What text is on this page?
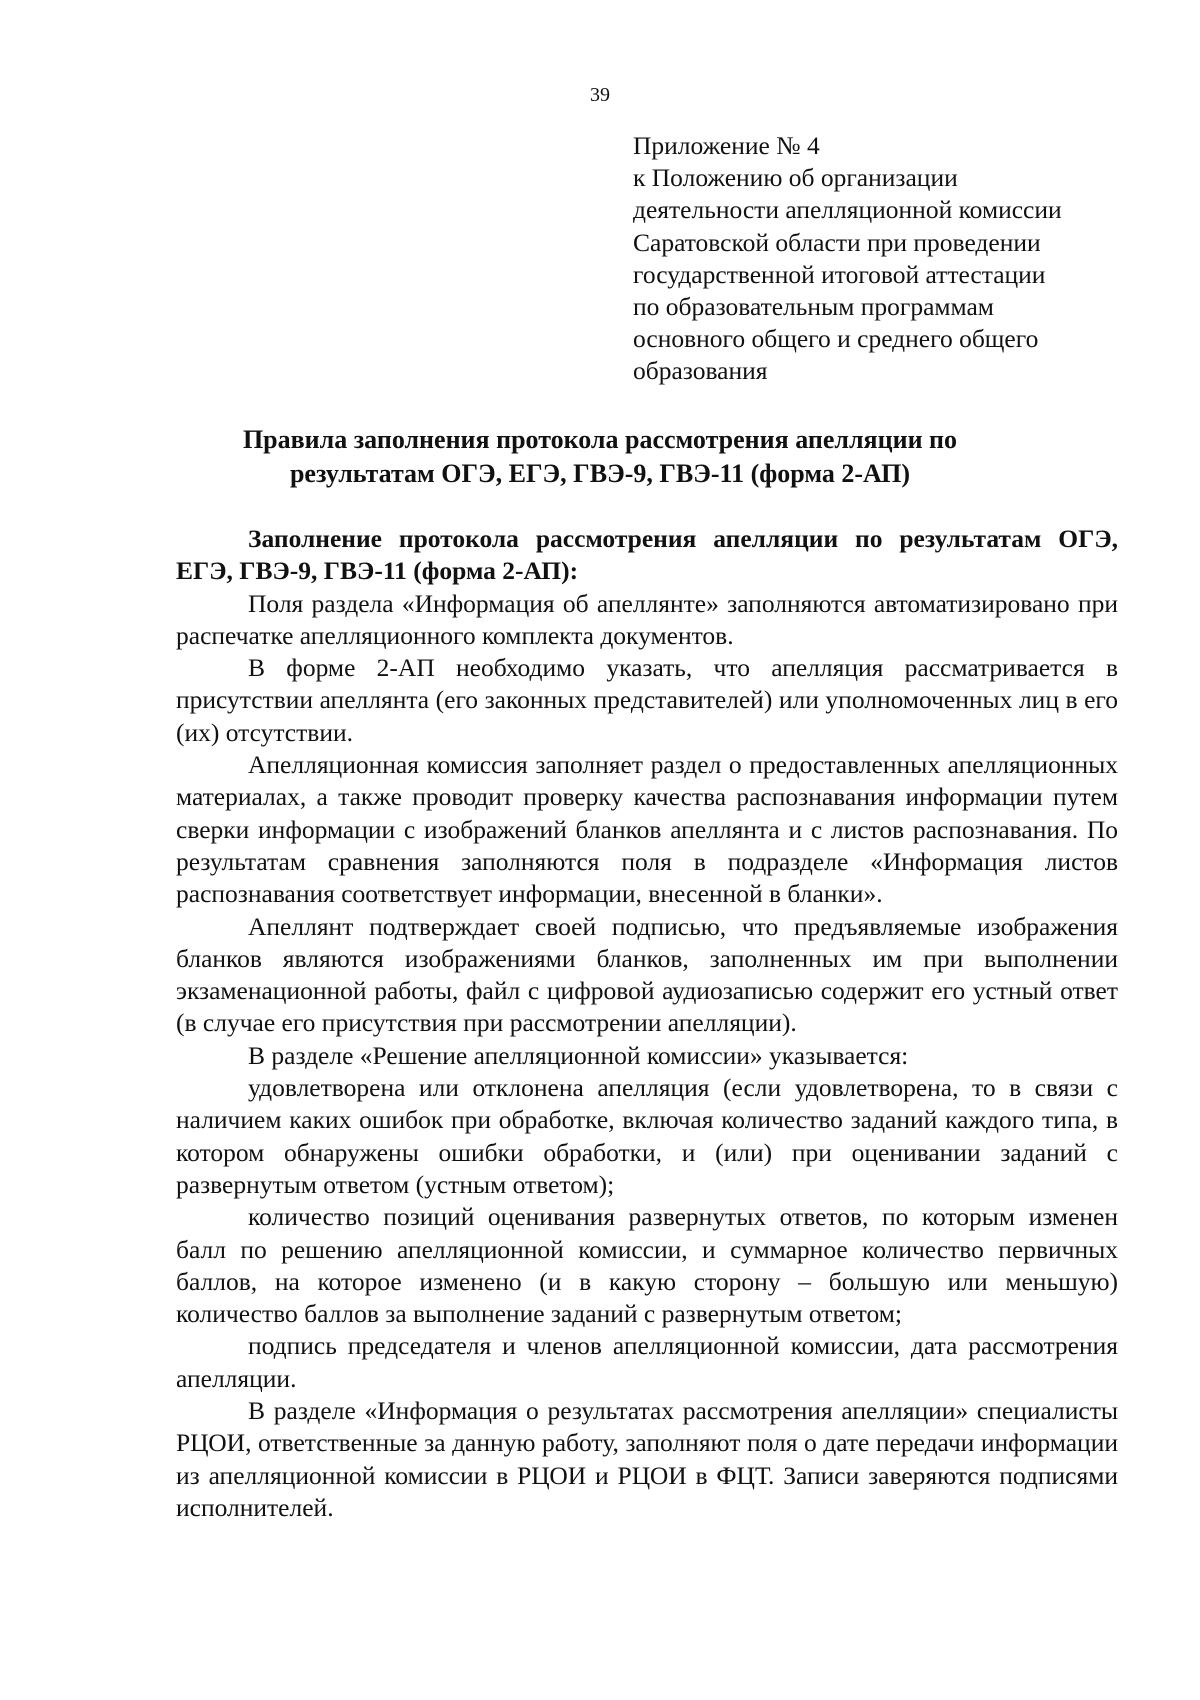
39
Приложение № 4
к Положению об организации
деятельности апелляционной комиссии
Саратовской области при проведении
государственной итоговой аттестации
по образовательным программам
основного общего и среднего общего
образования
Правила заполнения протокола рассмотрения апелляции по
результатам ОГЭ, ЕГЭ, ГВЭ-9, ГВЭ-11 (форма 2-АП)

Заполнение протокола рассмотрения апелляции по результатам ОГЭ, ЕГЭ, ГВЭ-9, ГВЭ-11 (форма 2-АП):

Поля раздела «Информация об апеллянте» заполняются автоматизировано при распечатке апелляционного комплекта документов.

В форме 2-АП необходимо указать, что апелляция рассматривается в присутствии апеллянта (его законных представителей) или уполномоченных лиц в его (их) отсутствии.

Апелляционная комиссия заполняет раздел о предоставленных апелляционных материалах, а также проводит проверку качества распознавания информации путем сверки информации с изображений бланков апеллянта и с листов распознавания. По результатам сравнения заполняются поля в подразделе «Информация листов распознавания соответствует информации, внесенной в бланки».

Апеллянт подтверждает своей подписью, что предъявляемые изображения бланков являются изображениями бланков, заполненных им при выполнении экзаменационной работы, файл с цифровой аудиозаписью содержит его устный ответ (в случае его присутствия при рассмотрении апелляции).

В разделе «Решение апелляционной комиссии» указывается:

удовлетворена или отклонена апелляция (если удовлетворена, то в связи с наличием каких ошибок при обработке, включая количество заданий каждого типа, в котором обнаружены ошибки обработки, и (или) при оценивании заданий с развернутым ответом (устным ответом);

количество позиций оценивания развернутых ответов, по которым изменен балл по решению апелляционной комиссии, и суммарное количество первичных баллов, на которое изменено (и в какую сторону – большую или меньшую) количество баллов за выполнение заданий с развернутым ответом;

подпись председателя и членов апелляционной комиссии, дата рассмотрения апелляции.

В разделе «Информация о результатах рассмотрения апелляции» специалисты РЦОИ, ответственные за данную работу, заполняют поля о дате передачи информации из апелляционной комиссии в РЦОИ и РЦОИ в ФЦТ. Записи заверяются подписями исполнителей.
